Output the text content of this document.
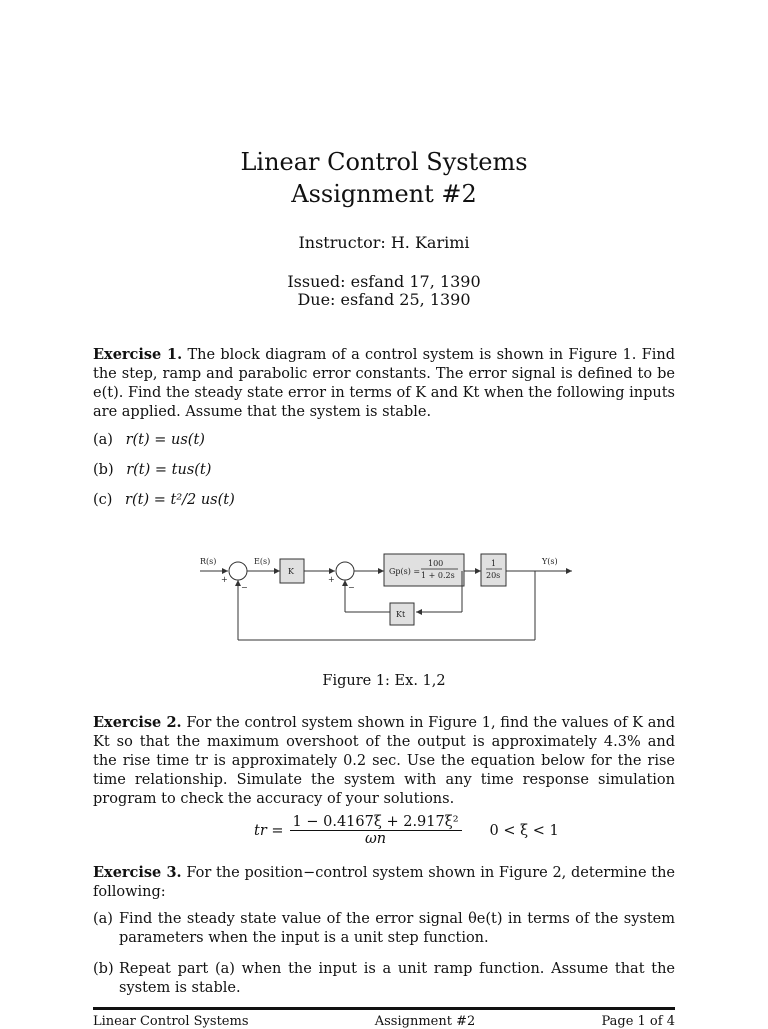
Linear Control Systems
Assignment #2
Instructor: H. Karimi
Issued: esfand 17, 1390
Due: esfand 25, 1390
Exercise 1. The block diagram of a control system is shown in Figure 1. Find the step, ramp and parabolic error constants. The error signal is defined to be e(t). Find the steady state error in terms of K and Kt when the following inputs are applied. Assume that the system is stable.
(a) r(t) = us(t)
(b) r(t) = tus(t)
(c) r(t) = t²/2 us(t)
R(s)	E(s)
K	Gp(s) =
100
1 + 0.2s
1
20s
Y(s)
Kt
+
−
+
−
Figure 1: Ex. 1,2
Exercise 2. For the control system shown in Figure 1, find the values of K and Kt so that the maximum overshoot of the output is approximately 4.3% and the rise time tr is approximately 0.2 sec. Use the equation below for the rise time relationship. Simulate the system with any time response simulation program to check the accuracy of your solutions.
tr = $\frac{\text{1 − 0.4167ξ + 2.917ξ²}}{\omega n} 0 < \xi < 1$
Exercise 3. For the position−control system shown in Figure 2, determine the following:
(a) Find the steady state value of the error signal θe(t) in terms of the system parameters when the input is a unit step function.
(b) Repeat part (a) when the input is a unit ramp function. Assume that the system is stable.
Linear Control Systems	Assignment #2	Page 1 of 4
